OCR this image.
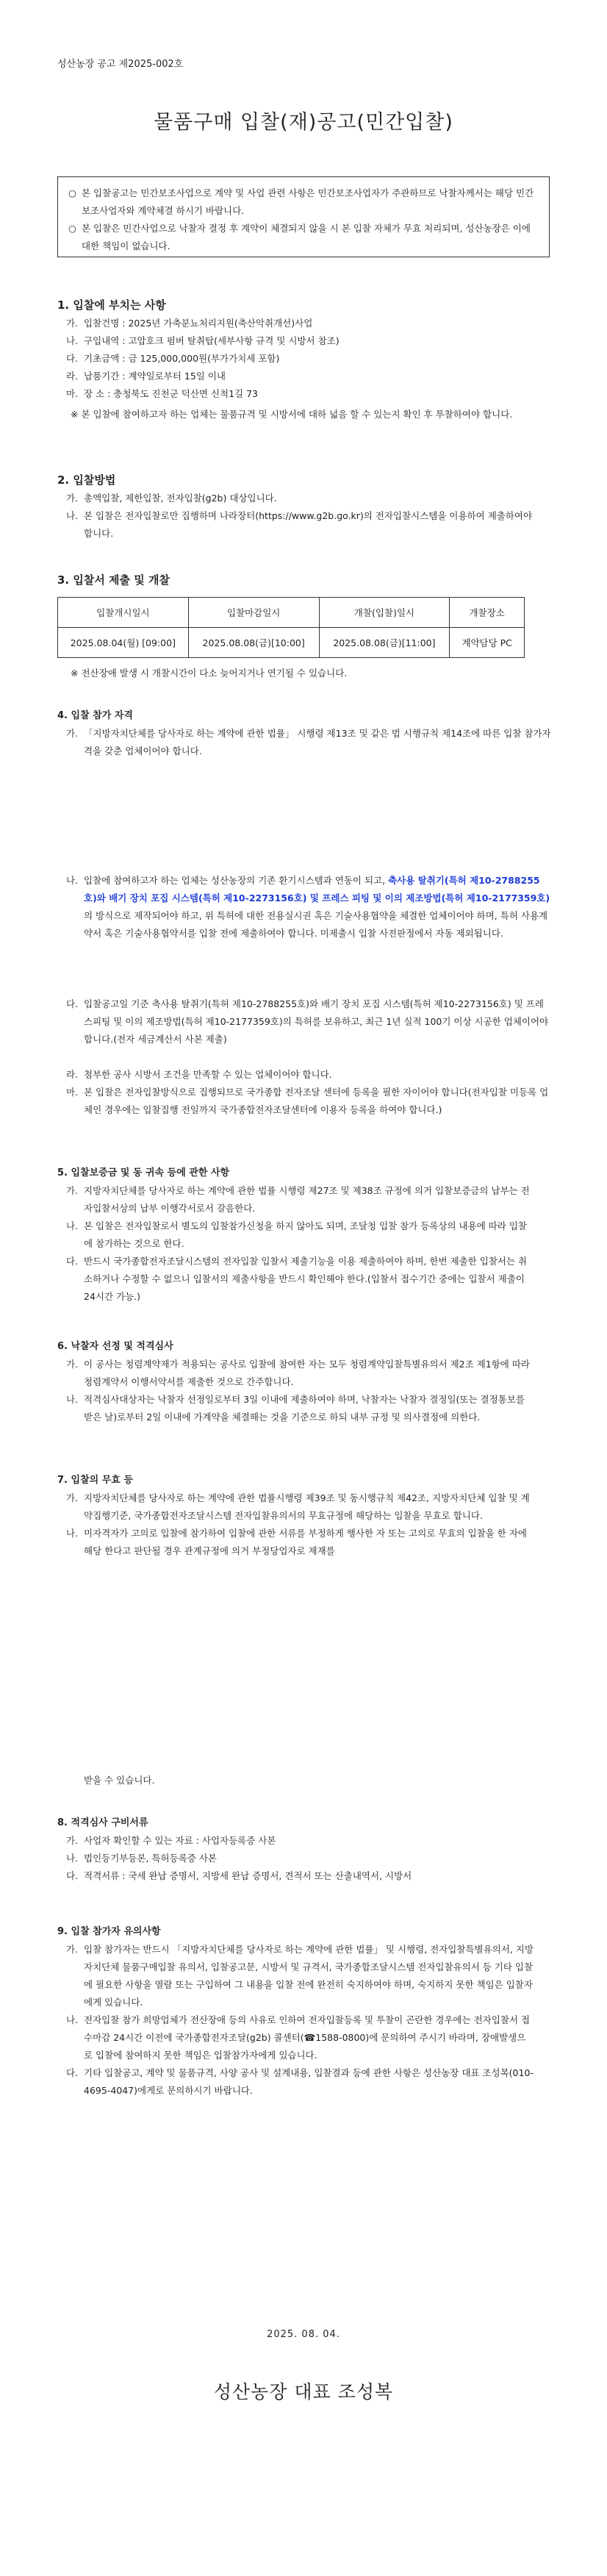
성산농장 공고 제2025-002호
물품구매 입찰(재)공고(민간입찰)
○ 본 입찰공고는 민간보조사업으로 계약 및 사업 관련 사항은 민간보조사업자가 주관하므로 낙찰자께서는 해당 민간보조사업자와 계약체결 하시기 바랍니다.
○ 본 입찰은 민간사업으로 낙찰자 결정 후 계약이 체결되지 않을 시 본 입찰 자체가 무효 처리되며, 성산농장은 이에 대한 책임이 없습니다.
1. 입찰에 부치는 사항
가. 입찰건명 : 2025년 가축분뇨처리지원(축산악취개선)사업
나. 구입내역 : 고압호크 펌버 탈취탑(세부사항 규격 및 시방서 참조)
다. 기초금액 : 금 125,000,000원(부가가치세 포함)
라. 납품기간 : 계약일로부터 15일 이내
마. 장 소 : 충청북도 진천군 덕산면 신척1길 73
※ 본 입찰에 참여하고자 하는 업체는 물품규격 및 시방서에 대하 넓음 할 수 있는지 확인 후 투찰하여야 합니다.
2. 입찰방법
가. 총액입찰, 제한입찰, 전자입찰(g2b) 대상입니다.
나. 본 입찰은 전자입찰로만 집행하며 나라장터(https://www.g2b.go.kr)의 전자입찰시스템을 이용하여 제출하여야 합니다.
3. 입찰서 제출 및 개찰
입찰개시일시	입찰마감일시	개찰(입찰)일시	개찰장소
2025.08.04(월) [09:00]	2025.08.08(금)[10:00]	2025.08.08(금)[11:00]	계약담당 PC
※ 전산장애 발생 시 개찰시간이 다소 늦어지거나 연기될 수 있습니다.
4. 입찰 참가 자격
가. 「지방자치단체를 당사자로 하는 계약에 관한 법률」 시행령 제13조 및 같은 법 시행규칙 제14조에 따른 입찰 참가자격을 갖춘 업체이어야 합니다.
나. 입찰에 참여하고자 하는 업체는 성산농장의 기존 환기시스템과 연동이 되고, 축사용 탈취기(특허 제10-2788255호)와 배기 장치 포집 시스템(특허 제10-2273156호) 및 프레스 피팅 및 이의 제조방법(특허 제10-2177359호)의 방식으로 제작되어야 하고, 위 특허에 대한 전용실시권 혹은 기술사용협약을 체결한 업체이어야 하며, 특허 사용계약서 혹은 기술사용협약서를 입찰 전에 제출하여야 합니다. 미제출시 입찰 사전판정에서 자동 제외됩니다.
다. 입찰공고일 기준 축사용 탈취기(특허 제10-2788255호)와 배기 장치 포집 시스템(특허 제10-2273156호) 및 프레스피팅 및 이의 제조방법(특허 제10-2177359호)의 특허를 보유하고, 최근 1년 실적 100기 이상 시공한 업체이어야 합니다.(전자 세금계산서 사본 제출)
라. 첨부한 공사 시방서 조건을 만족할 수 있는 업체이어야 합니다.
마. 본 입찰은 전자입찰방식으로 집행되므로 국가종합 전자조달 센터에 등록을 필한 자이어야 합니다(전자입찰 미등록 업체인 경우에는 입찰집행 전일까지 국가종합전자조달센터에 이용자 등록을 하여야 합니다.)
5. 입찰보증금 및 동 귀속 등에 관한 사항
가. 지방자치단체를 당사자로 하는 계약에 관한 법률 시행령 제27조 및 제38조 규정에 의거 입찰보증금의 납부는 전자입찰서상의 납부 이행각서로서 갈음한다.
나. 본 입찰은 전자입찰로서 별도의 입찰참가신청을 하지 않아도 되며, 조달청 입찰 참가 등록상의 내용에 따라 입찰에 참가하는 것으로 한다.
다. 반드시 국가종합전자조달시스템의 전자입찰 입찰서 제출기능을 이용 제출하여야 하며, 한번 제출한 입찰서는 취소하거나 수정할 수 없으니 입찰서의 제출사항을 반드시 확인해야 한다.(입찰서 접수기간 중에는 입찰서 제출이 24시간 가능.)
6. 낙찰자 선정 및 적격심사
가. 이 공사는 청렴계약제가 적용되는 공사로 입찰에 참여한 자는 모두 청렴계약입찰특별유의서 제2조 제1항에 따라 청렴계약서 이행서약서를 제출한 것으로 간주합니다.
나. 적격심사대상자는 낙찰자 선정일로부터 3일 이내에 제출하여야 하며, 낙찰자는 낙찰자 결정일(또는 결정통보를 받은 날)로부터 2일 이내에 가계약을 체결해는 것을 기준으로 하되 내부 규정 및 의사결정에 의한다.
7. 입찰의 무효 등
가. 지방자치단체를 당사자로 하는 계약에 관한 법률시행령 제39조 및 동시행규칙 제42조, 지방자치단체 입찰 및 계약집행기준, 국가종합전자조달시스템 전자입찰유의서의 무효규정에 해당하는 입찰을 무효로 합니다.
나. 미자격자가 고의로 입찰에 참가하여 입찰에 관한 서류를 부정하게 행사한 자 또는 고의로 무효의 입찰을 한 자에 해당 한다고 판단될 경우 관계규정에 의거 부정당업자로 제재를
받을 수 있습니다.
8. 적격심사 구비서류
가. 사업자 확인할 수 있는 자료 : 사업자등록증 사본
나. 법인등기부등본, 특허등록증 사본
다. 적격서류 : 국세 완납 증명서, 지방세 완납 증명서, 견적서 또는 산출내역서, 시방서
9. 입찰 참가자 유의사항
가. 입찰 참가자는 반드시 「지방자치단체를 당사자로 하는 계약에 관한 법률」 및 시행령, 전자입찰특별유의서, 지방자치단체 물품구매입찰 유의서, 입찰공고문, 시방서 및 규격서, 국가종합조달시스템 전자입찰유의서 등 기타 입찰에 필요한 사항을 열람 또는 구입하여 그 내용을 입찰 전에 완전히 숙지하여야 하며, 숙지하지 못한 책임은 입찰자에게 있습니다.
나. 전자입찰 참가 희망업체가 전산장애 등의 사유로 인하여 전자입찰등록 및 투찰이 곤란한 경우에는 전자입찰서 접수마감 24시간 이전에 국가종합전자조달(g2b) 콜센터(☎1588-0800)에 문의하여 주시기 바라며, 장애발생으로 입찰에 참여하지 못한 책임은 입찰참가자에게 있습니다.
다. 기타 입찰공고, 계약 및 물품규격, 사양 공사 및 설계내용, 입찰결과 등에 관한 사항은 성산농장 대표 조성복(010-4695-4047)에게로 문의하시기 바랍니다.
2025. 08. 04.
성산농장 대표 조성복
